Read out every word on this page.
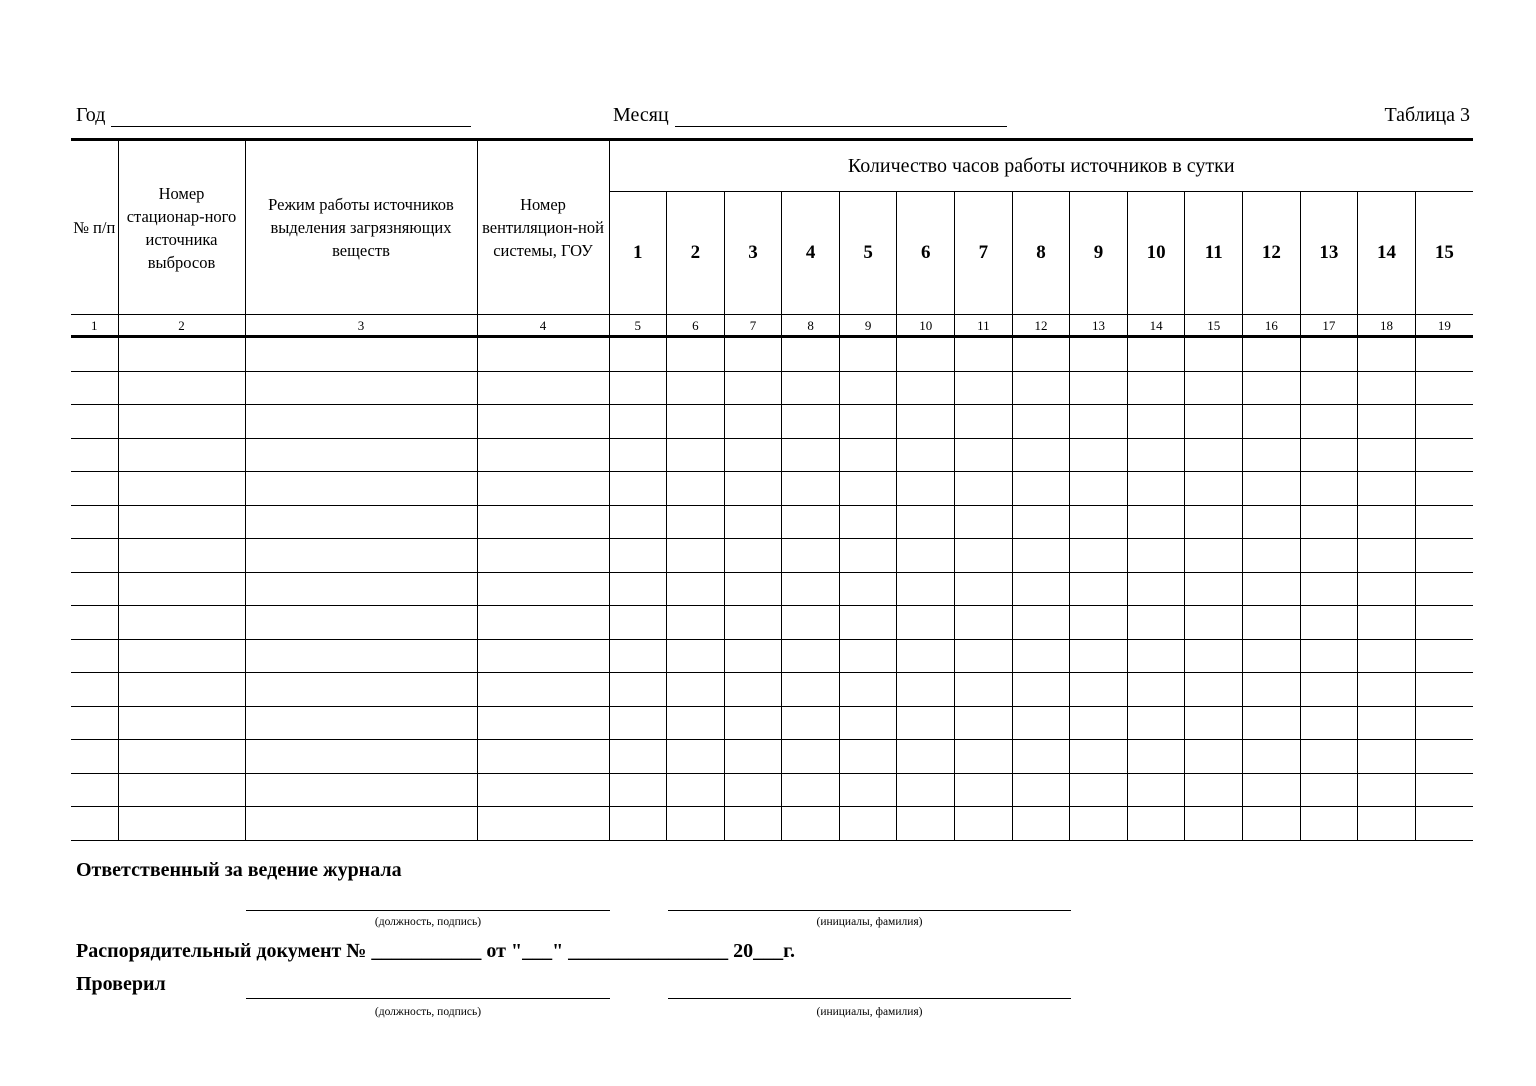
Год	Месяц	Таблица 3
№ п/п	Номер стационар-ного источника выбросов	Режим работы источников выделения загрязняющих веществ	Номер вентиляцион-ной системы, ГОУ	Количество часов работы источников в сутки														
				1	2	3	4	5	6	7	8	9	10	11	12	13	14	15
1	2	3	4	5	6	7	8	9	10	11	12	13	14	15	16	17	18	19

Ответственный за ведение журнала
(должность, подпись)	(инициалы, фамилия)
Распорядительный документ № ___________ от "___" ________________ 20___г.
Проверил
(должность, подпись)	(инициалы, фамилия)
